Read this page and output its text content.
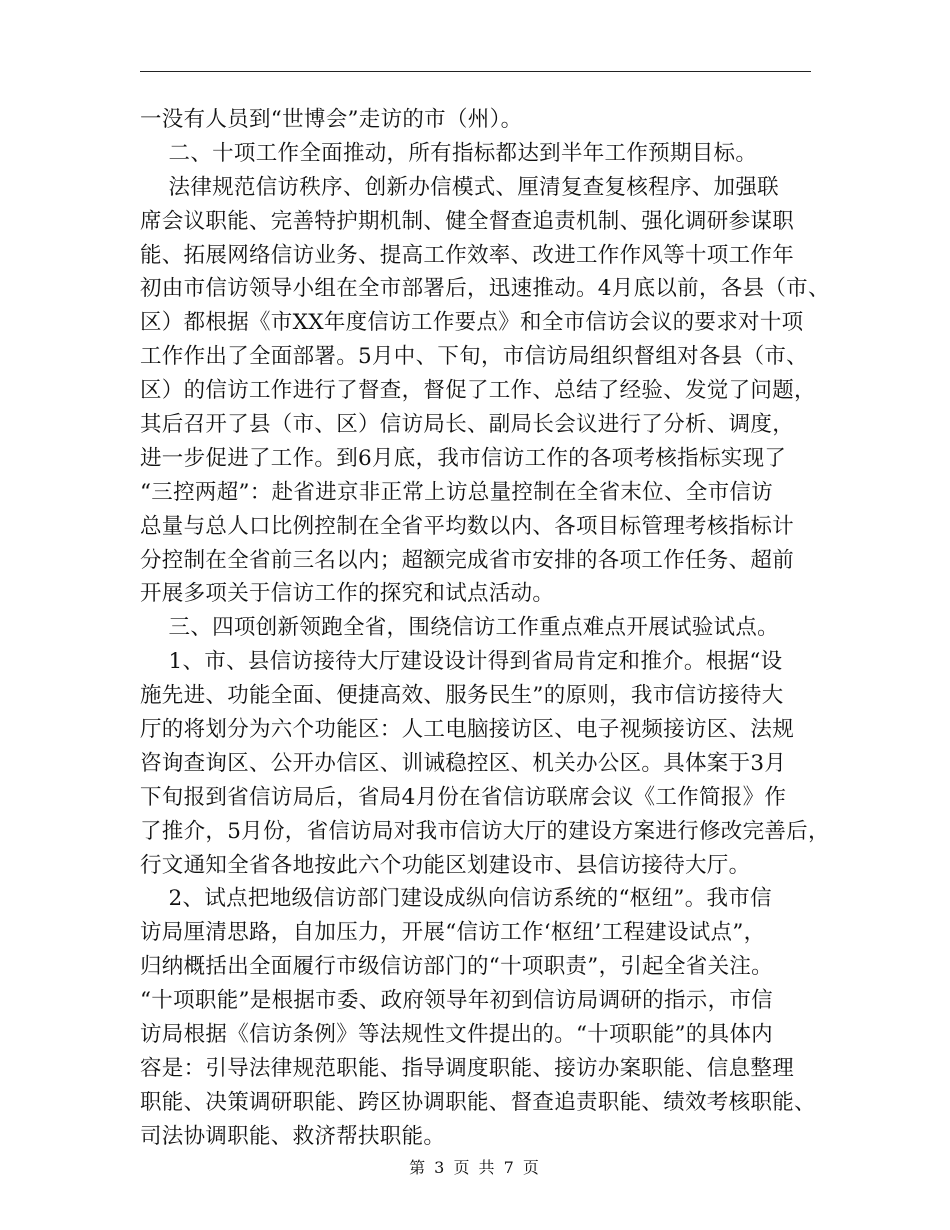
一没有人员到“世博会”走访的市（州）。
二、十项工作全面推动，所有指标都达到半年工作预期目标。
法律规范信访秩序、创新办信模式、厘清复查复核程序、加强联
席会议职能、完善特护期机制、健全督查追责机制、强化调研参谋职
能、拓展网络信访业务、提高工作效率、改进工作作风等十项工作年
初由市信访领导小组在全市部署后，迅速推动。4月底以前，各县（市、
区）都根据《市XX年度信访工作要点》和全市信访会议的要求对十项
工作作出了全面部署。5月中、下旬，市信访局组织督组对各县（市、
区）的信访工作进行了督查，督促了工作、总结了经验、发觉了问题，
其后召开了县（市、区）信访局长、副局长会议进行了分析、调度，
进一步促进了工作。到6月底，我市信访工作的各项考核指标实现了
“三控两超”：赴省进京非正常上访总量控制在全省末位、全市信访
总量与总人口比例控制在全省平均数以内、各项目标管理考核指标计
分控制在全省前三名以内；超额完成省市安排的各项工作任务、超前
开展多项关于信访工作的探究和试点活动。
三、四项创新领跑全省，围绕信访工作重点难点开展试验试点。
1、市、县信访接待大厅建设设计得到省局肯定和推介。根据“设
施先进、功能全面、便捷高效、服务民生”的原则，我市信访接待大
厅的将划分为六个功能区：人工电脑接访区、电子视频接访区、法规
咨询查询区、公开办信区、训诫稳控区、机关办公区。具体案于3月
下旬报到省信访局后，省局4月份在省信访联席会议《工作简报》作
了推介，5月份，省信访局对我市信访大厅的建设方案进行修改完善后，
行文通知全省各地按此六个功能区划建设市、县信访接待大厅。
2、试点把地级信访部门建设成纵向信访系统的“枢纽”。我市信
访局厘清思路，自加压力，开展“信访工作‘枢纽’工程建设试点”，
归纳概括出全面履行市级信访部门的“十项职责”，引起全省关注。
“十项职能”是根据市委、政府领导年初到信访局调研的指示，市信
访局根据《信访条例》等法规性文件提出的。“十项职能”的具体内
容是：引导法律规范职能、指导调度职能、接访办案职能、信息整理
职能、决策调研职能、跨区协调职能、督查追责职能、绩效考核职能、
司法协调职能、救济帮扶职能。
第 3 页 共 7 页
